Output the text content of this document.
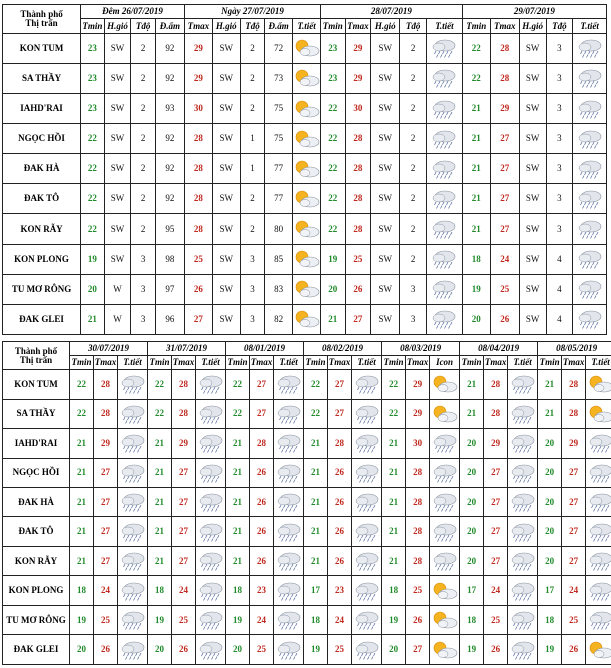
Thành phố
Thị trấn	Đêm 26/07/2019				Ngày 27/07/2019					28/07/2019					29/07/2019				
	Tmin	H.gió	Tđộ	Đ.ẩm	Tmax	H.gió	Tđộ	Đ.ẩm	T.tiết	Tmin	Tmax	H.gió	Tđộ	T.tiết	Tmin	Tmax	H.gió	Tđộ	T.tiết
KON TUM	23	SW	2	92	29	SW	2	72		23	29	SW	2		22	28	SW	3	

SA THẦY	23	SW	2	92	29	SW	2	73		23	29	SW	2		22	28	SW	3	

IAHD'RAI	23	SW	2	93	30	SW	2	75		22	30	SW	2		21	29	SW	3	

NGỌC HỒI	22	SW	2	92	28	SW	1	75		22	28	SW	2		21	27	SW	3	

ĐAK HÀ	22	SW	2	92	28	SW	1	77		22	28	SW	2		21	27	SW	3	

ĐAK TÔ	22	SW	2	92	28	SW	2	77		22	28	SW	2		21	27	SW	3	

KON RẪY	22	SW	2	95	28	SW	2	80		22	28	SW	2		21	27	SW	3	

KON PLONG	19	SW	3	98	25	SW	3	85		19	25	SW	2		18	24	SW	4	

TU MƠ RÔNG	20	W	3	97	26	SW	3	83		20	26	SW	3		19	25	SW	4	

ĐAK GLEI	21	W	3	96	27	SW	3	82		21	27	SW	3		20	26	SW	4	
Thành phố
Thị trấn	30/07/2019			31/07/2019			08/01/2019			08/02/2019			08/03/2019			08/04/2019			08/05/2019		
	Tmin	Tmax	T.tiết	Tmin	Tmax	T.tiết	Tmin	Tmax	T.tiết	Tmin	Tmax	T.tiết	Tmin	Tmax	Icon	Tmin	Tmax	T.tiết	Tmin	Tmax	T.tiết
KON TUM	22	28		22	28		22	27		22	27		22	29		21	28		21	28	

SA THẦY	22	28		22	28		22	27		22	27		22	29		21	28		21	28	

IAHD'RAI	21	29		21	29		21	28		21	28		21	30		20	29		20	29	

NGỌC HỒI	21	27		21	27		21	26		21	26		21	28		20	27		20	27	

ĐAK HÀ	21	27		21	27		21	26		21	26		21	28		20	27		20	27	

ĐAK TÔ	21	27		21	27		21	26		21	26		21	28		20	27		20	27	

KON RẪY	21	27		21	27		21	26		21	26		21	28		20	27		20	27	

KON PLONG	18	24		18	24		18	23		17	23		18	25		17	24		17	24	

TU MƠ RÔNG	19	25		19	25		19	24		18	24		19	26		18	25		18	25	

ĐAK GLEI	20	26		20	26		20	25		19	25		20	27		19	26		19	26	
